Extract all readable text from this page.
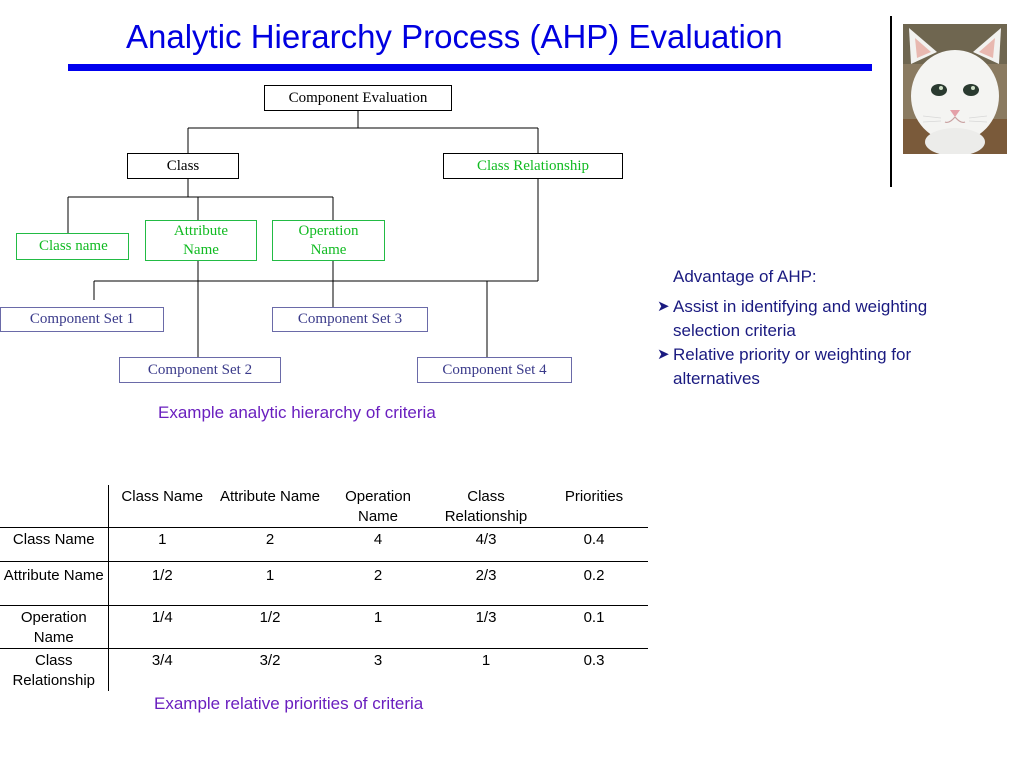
Analytic Hierarchy Process (AHP) Evaluation
Component Evaluation
Class	Class Relationship
Class name
Attribute
Name
Operation
Name
Component Set 1
Component Set 2
Component Set 3
Component Set 4
Example analytic hierarchy of criteria
Advantage of AHP:
➤ Assist in identifying and weighting selection criteria
➤ Relative priority or weighting for alternatives
	Class Name	Attribute Name	Operation Name	Class Relationship	Priorities
Class Name	1	2	4	4/3	0.4
Attribute Name	1/2	1	2	2/3	0.2
Operation Name	1/4	1/2	1	1/3	0.1
Class Relationship	3/4	3/2	3	1	0.3
Example relative priorities of criteria
